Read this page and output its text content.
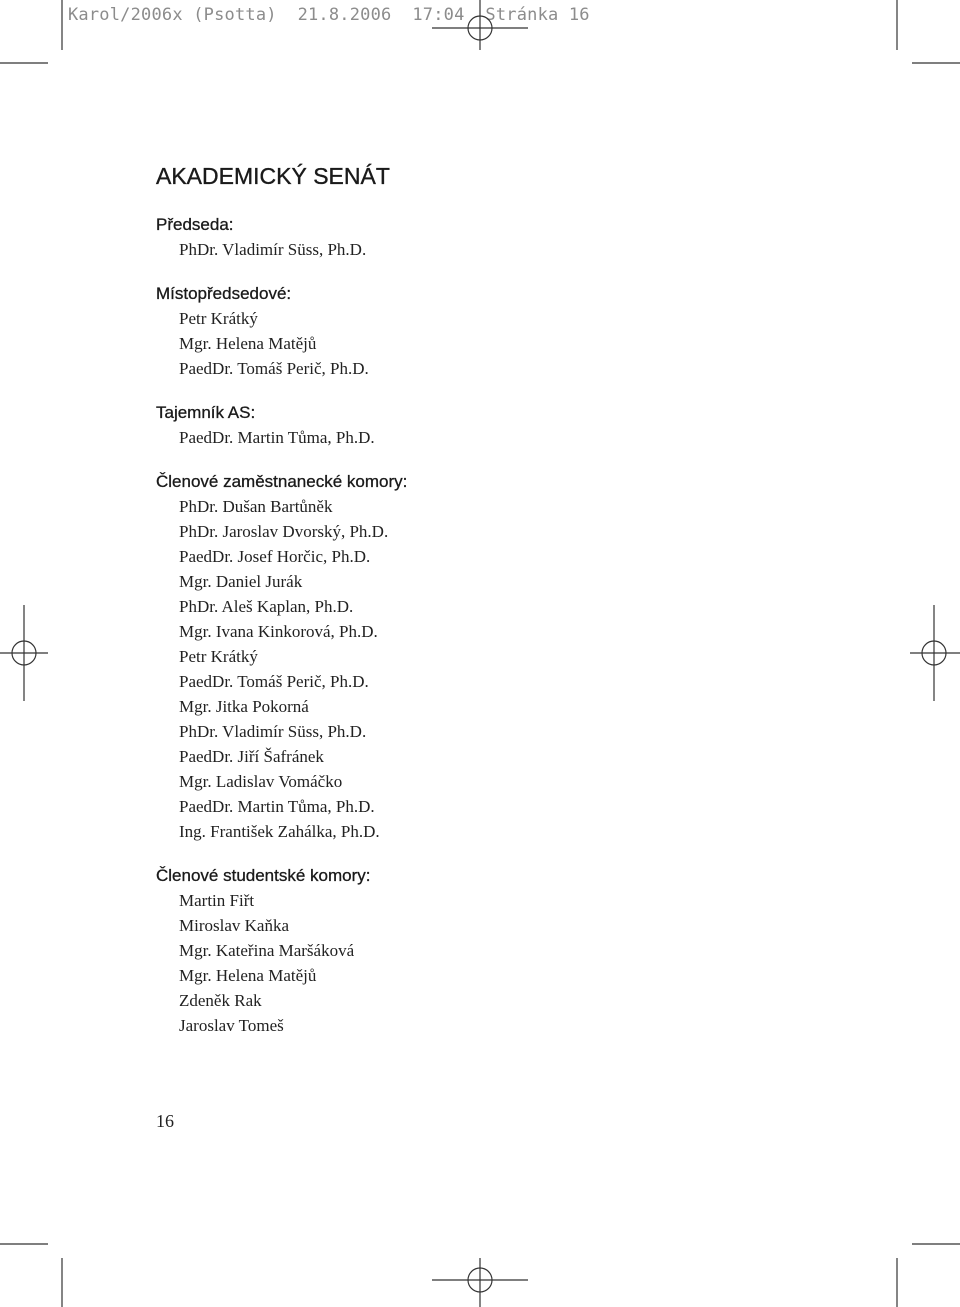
Karol/2006x (Psotta)  21.8.2006  17:04  Stránka 16
AKADEMICKÝ SENÁT
Předseda:
PhDr. Vladimír Süss, Ph.D.
Místopředsedové:
Petr Krátký
Mgr. Helena Matějů
PaedDr. Tomáš Perič, Ph.D.
Tajemník AS:
PaedDr. Martin Tůma, Ph.D.
Členové zaměstnanecké komory:
PhDr. Dušan Bartůněk
PhDr. Jaroslav Dvorský, Ph.D.
PaedDr. Josef Horčic, Ph.D.
Mgr. Daniel Jurák
PhDr. Aleš Kaplan, Ph.D.
Mgr. Ivana Kinkorová, Ph.D.
Petr Krátký
PaedDr. Tomáš Perič, Ph.D.
Mgr. Jitka Pokorná
PhDr. Vladimír Süss, Ph.D.
PaedDr. Jiří Šafránek
Mgr. Ladislav Vomáčko
PaedDr. Martin Tůma, Ph.D.
Ing. František Zahálka, Ph.D.
Členové studentské komory:
Martin Fiřt
Miroslav Kaňka
Mgr. Kateřina Maršáková
Mgr. Helena Matějů
Zdeněk Rak
Jaroslav Tomeš
16
